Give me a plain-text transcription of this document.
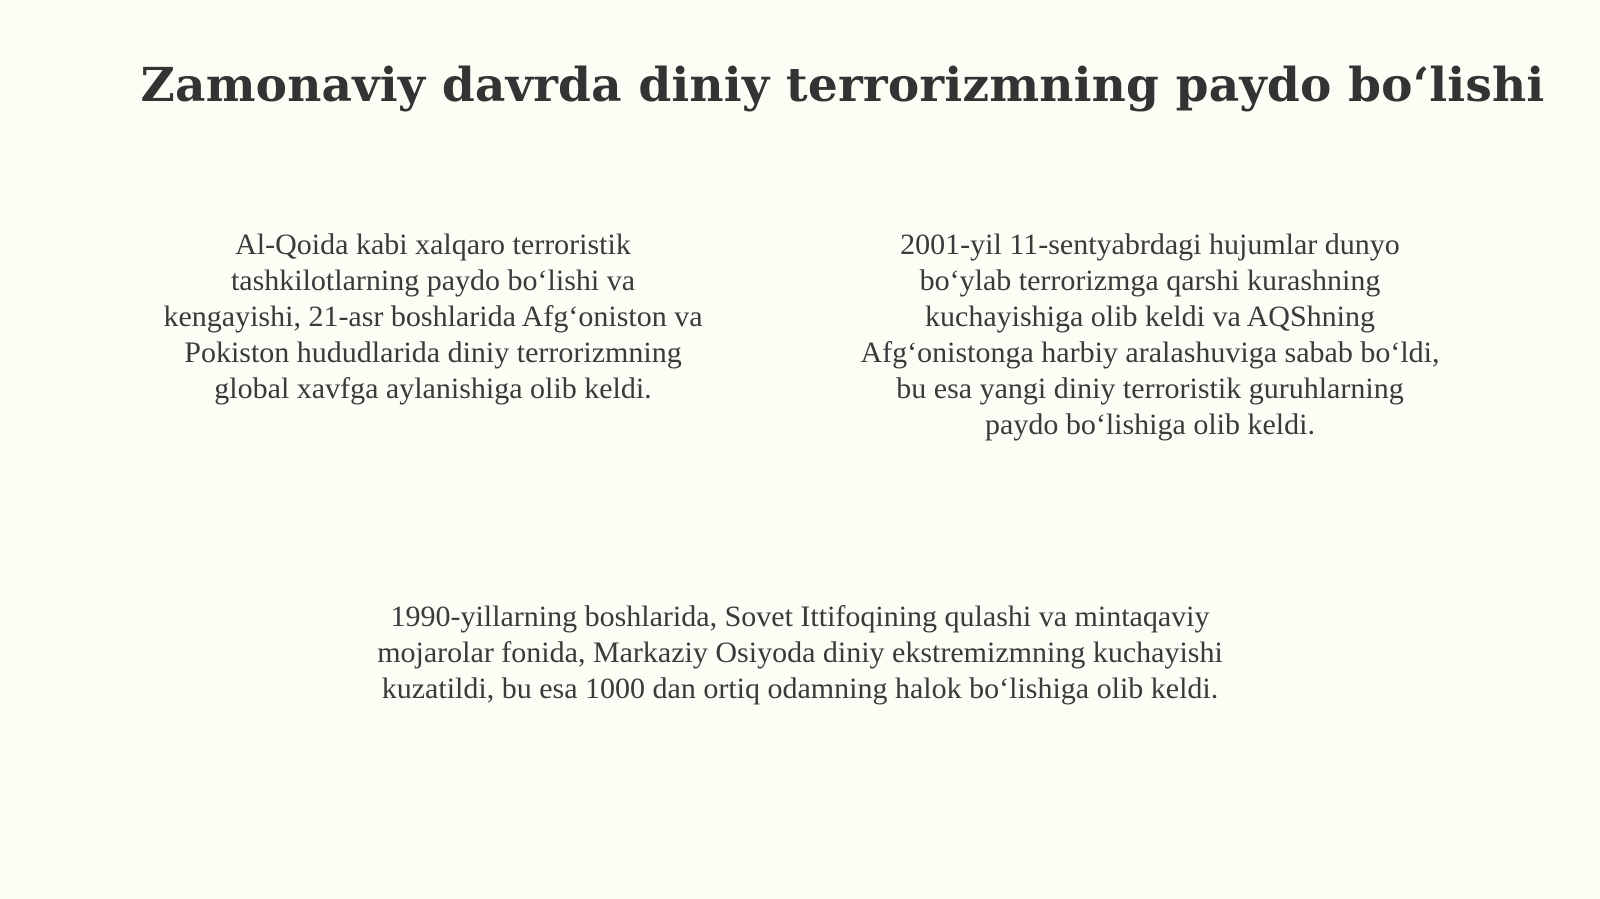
Zamonaviy davrda diniy terrorizmning paydo bo‘lishi

Al-Qoida kabi xalqaro terroristik
tashkilotlarning paydo bo‘lishi va
kengayishi, 21-asr boshlarida Afg‘oniston va
Pokiston hududlarida diniy terrorizmning
global xavfga aylanishiga olib keldi.

2001-yil 11-sentyabrdagi hujumlar dunyo
bo‘ylab terrorizmga qarshi kurashning
kuchayishiga olib keldi va AQShning
Afg‘onistonga harbiy aralashuviga sabab bo‘ldi,
bu esa yangi diniy terroristik guruhlarning
paydo bo‘lishiga olib keldi.

1990-yillarning boshlarida, Sovet Ittifoqining qulashi va mintaqaviy
mojarolar fonida, Markaziy Osiyoda diniy ekstremizmning kuchayishi
kuzatildi, bu esa 1000 dan ortiq odamning halok bo‘lishiga olib keldi.
